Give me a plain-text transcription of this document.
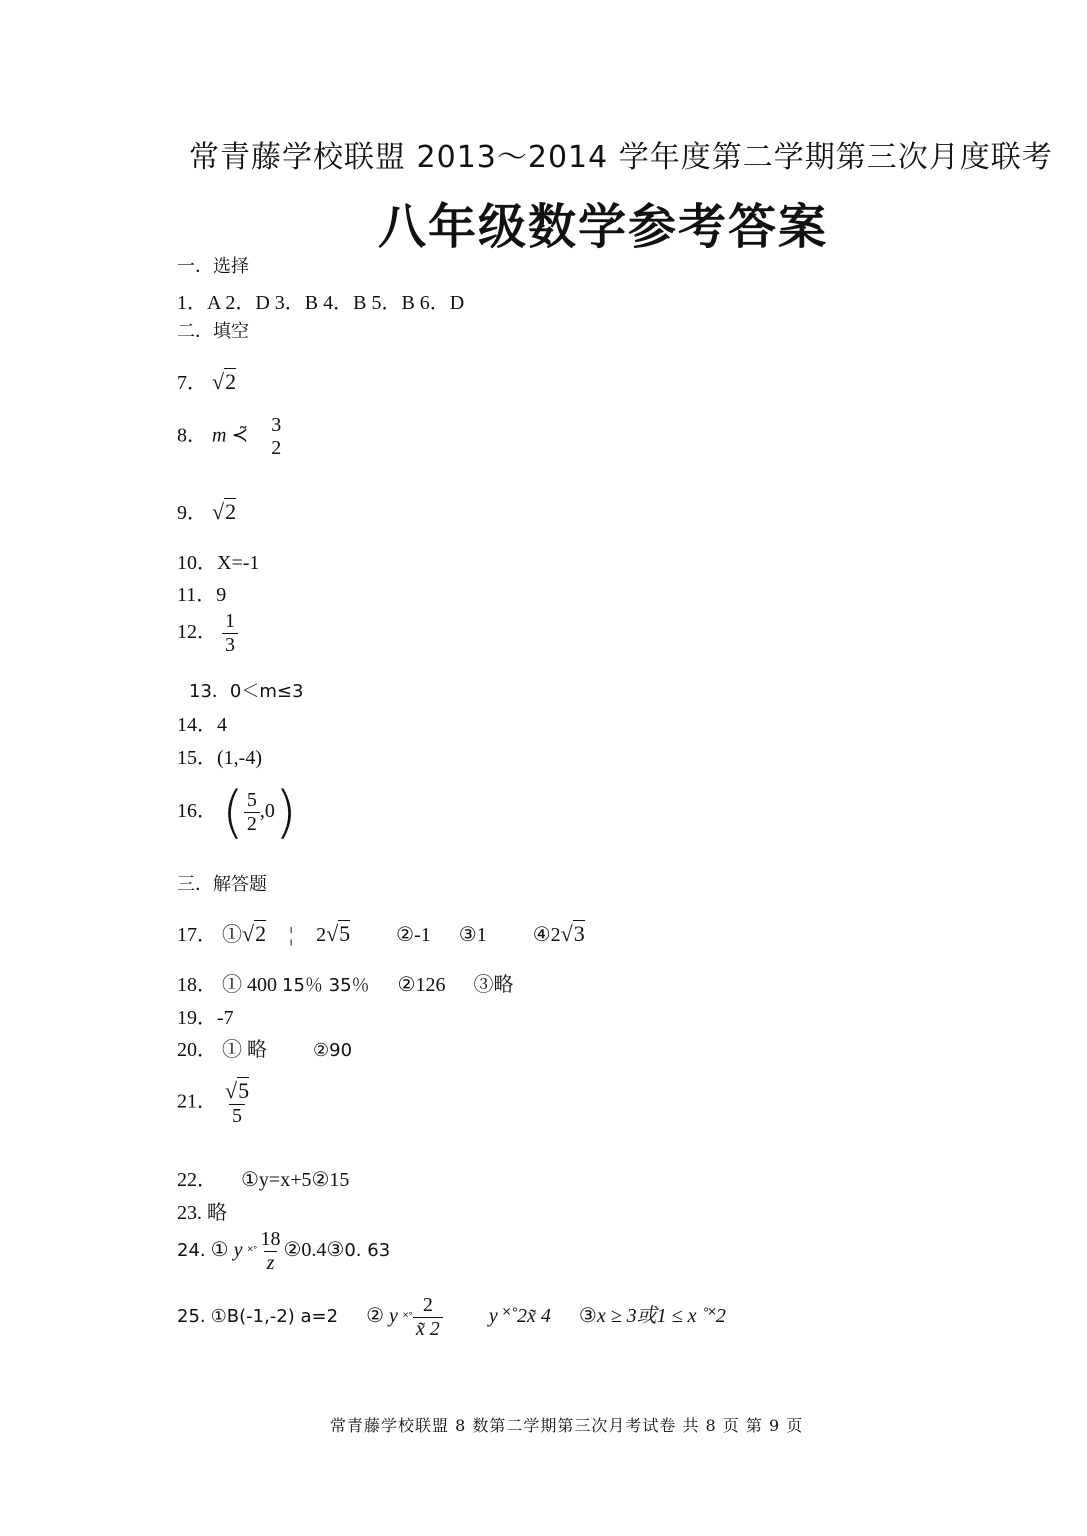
常青藤学校联盟 2013～2014 学年度第二学期第三次月度联考
八年级数学参考答案
一．选择
1．A 2．D 3．B 4．B 5．B 6．D
二．填空
7． √2
8． m ≺̃ 3
2
9． √2
10．X=-1
11．9
12． $\frac{1}{3}$
13．0＜m≤3
14．4
15．(1,-4)
16． ( $\frac{5}{2} ,0$)
三．解答题
17． ①√2 ¦ 2√5 ②-1 ③1 ④2√3
18． ① 400 15％ 35％ ②126 ③略
19．-7
20． ① 略	②90
21． $\frac{√5}{5}$
22． ①y=x+5②15
23. 略
24. ① y ˟˚ $\frac{18}{z}$ ②0.4③0. 63
25. ①B(-1,-2) a=2 ② y ˟˚ $\frac{2}{x̃ 2}$ y ˟˚2x̃ 4 ③x ≥ 3或1 ≤ x ˚˟2
常青藤学校联盟 8 数第二学期第三次月考试卷 共 8 页 第 9 页
